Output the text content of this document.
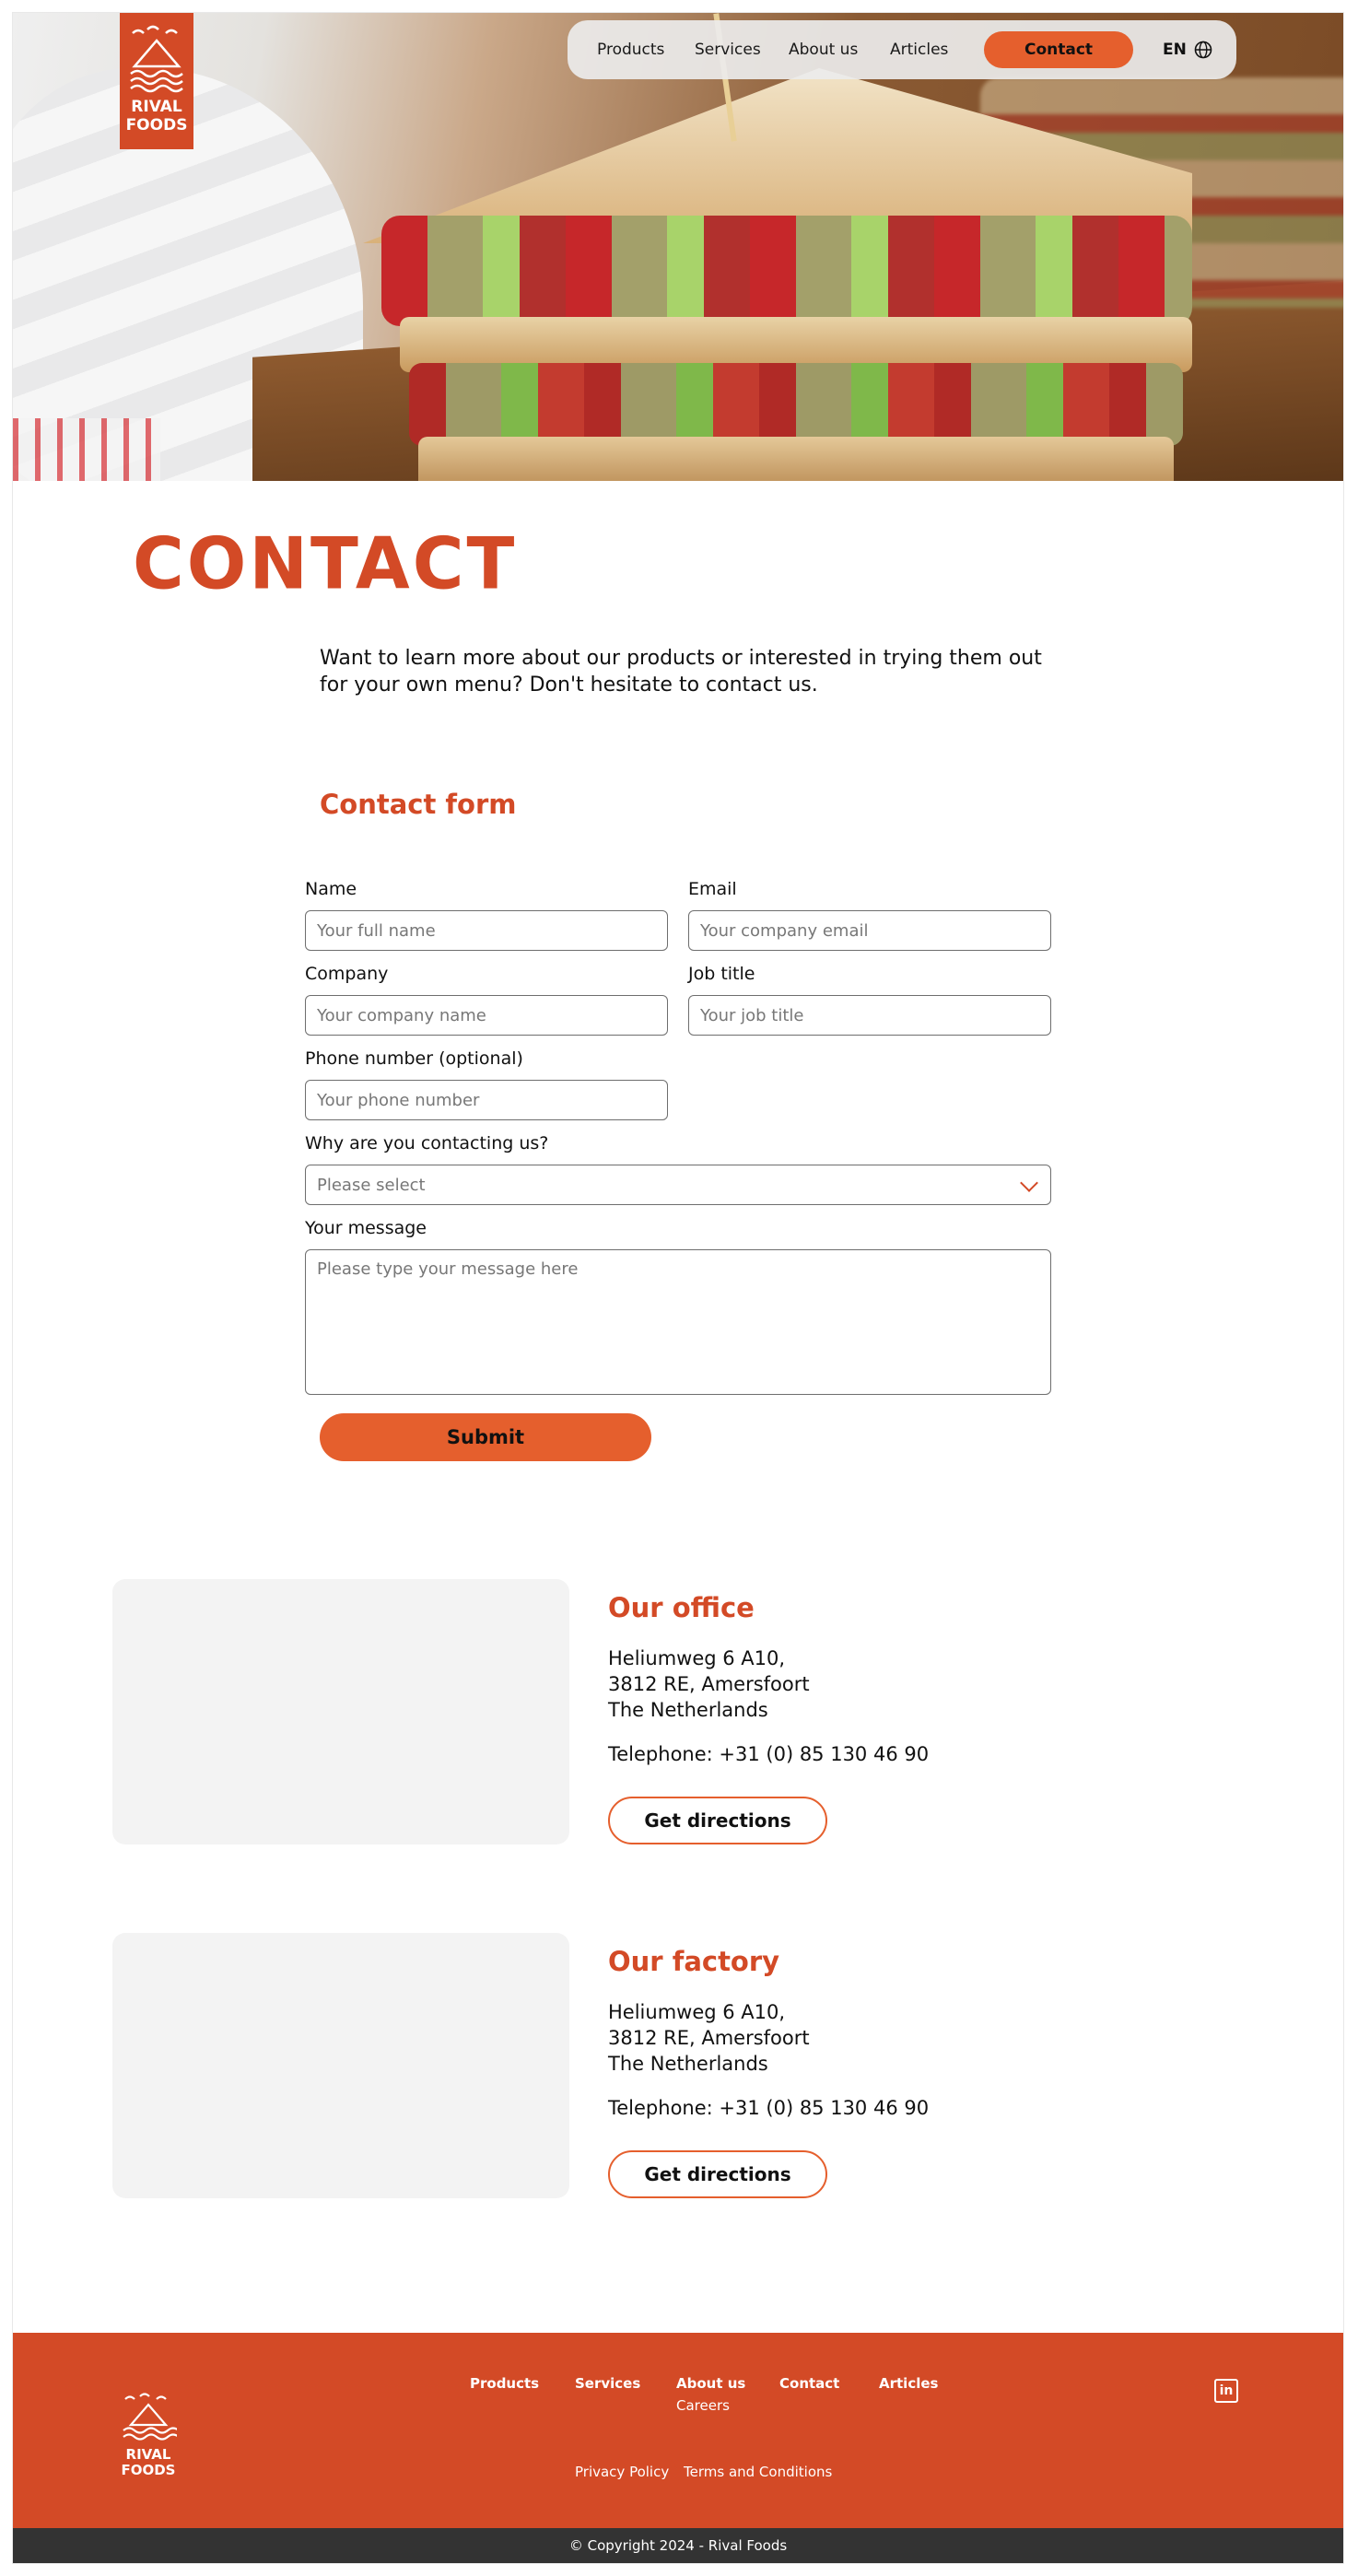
RIVAL
FOODS
Products Services About us Articles	Contact	EN
CONTACT
Want to learn more about our products or interested in trying them out for your own menu? Don't hesitate to contact us.
Contact form
Name
Your full name
Email
Your company email
Company
Your company name
Job title
Your job title
Phone number (optional)
Your phone number
Why are you contacting us?
Please select
Your message
Please type your message here
Submit
Our office
Heliumweg 6 A10,
3812 RE, Amersfoort
The Netherlands
Telephone: +31 (0) 85 130 46 90
Get directions
Our factory
Heliumweg 6 A10,
3812 RE, Amersfoort
The Netherlands
Telephone: +31 (0) 85 130 46 90
Get directions
RIVAL
FOODS
Products	Services	About us
Careers
Contact	Articles
Privacy Policy Terms and Conditions
in
© Copyright 2024 - Rival Foods
